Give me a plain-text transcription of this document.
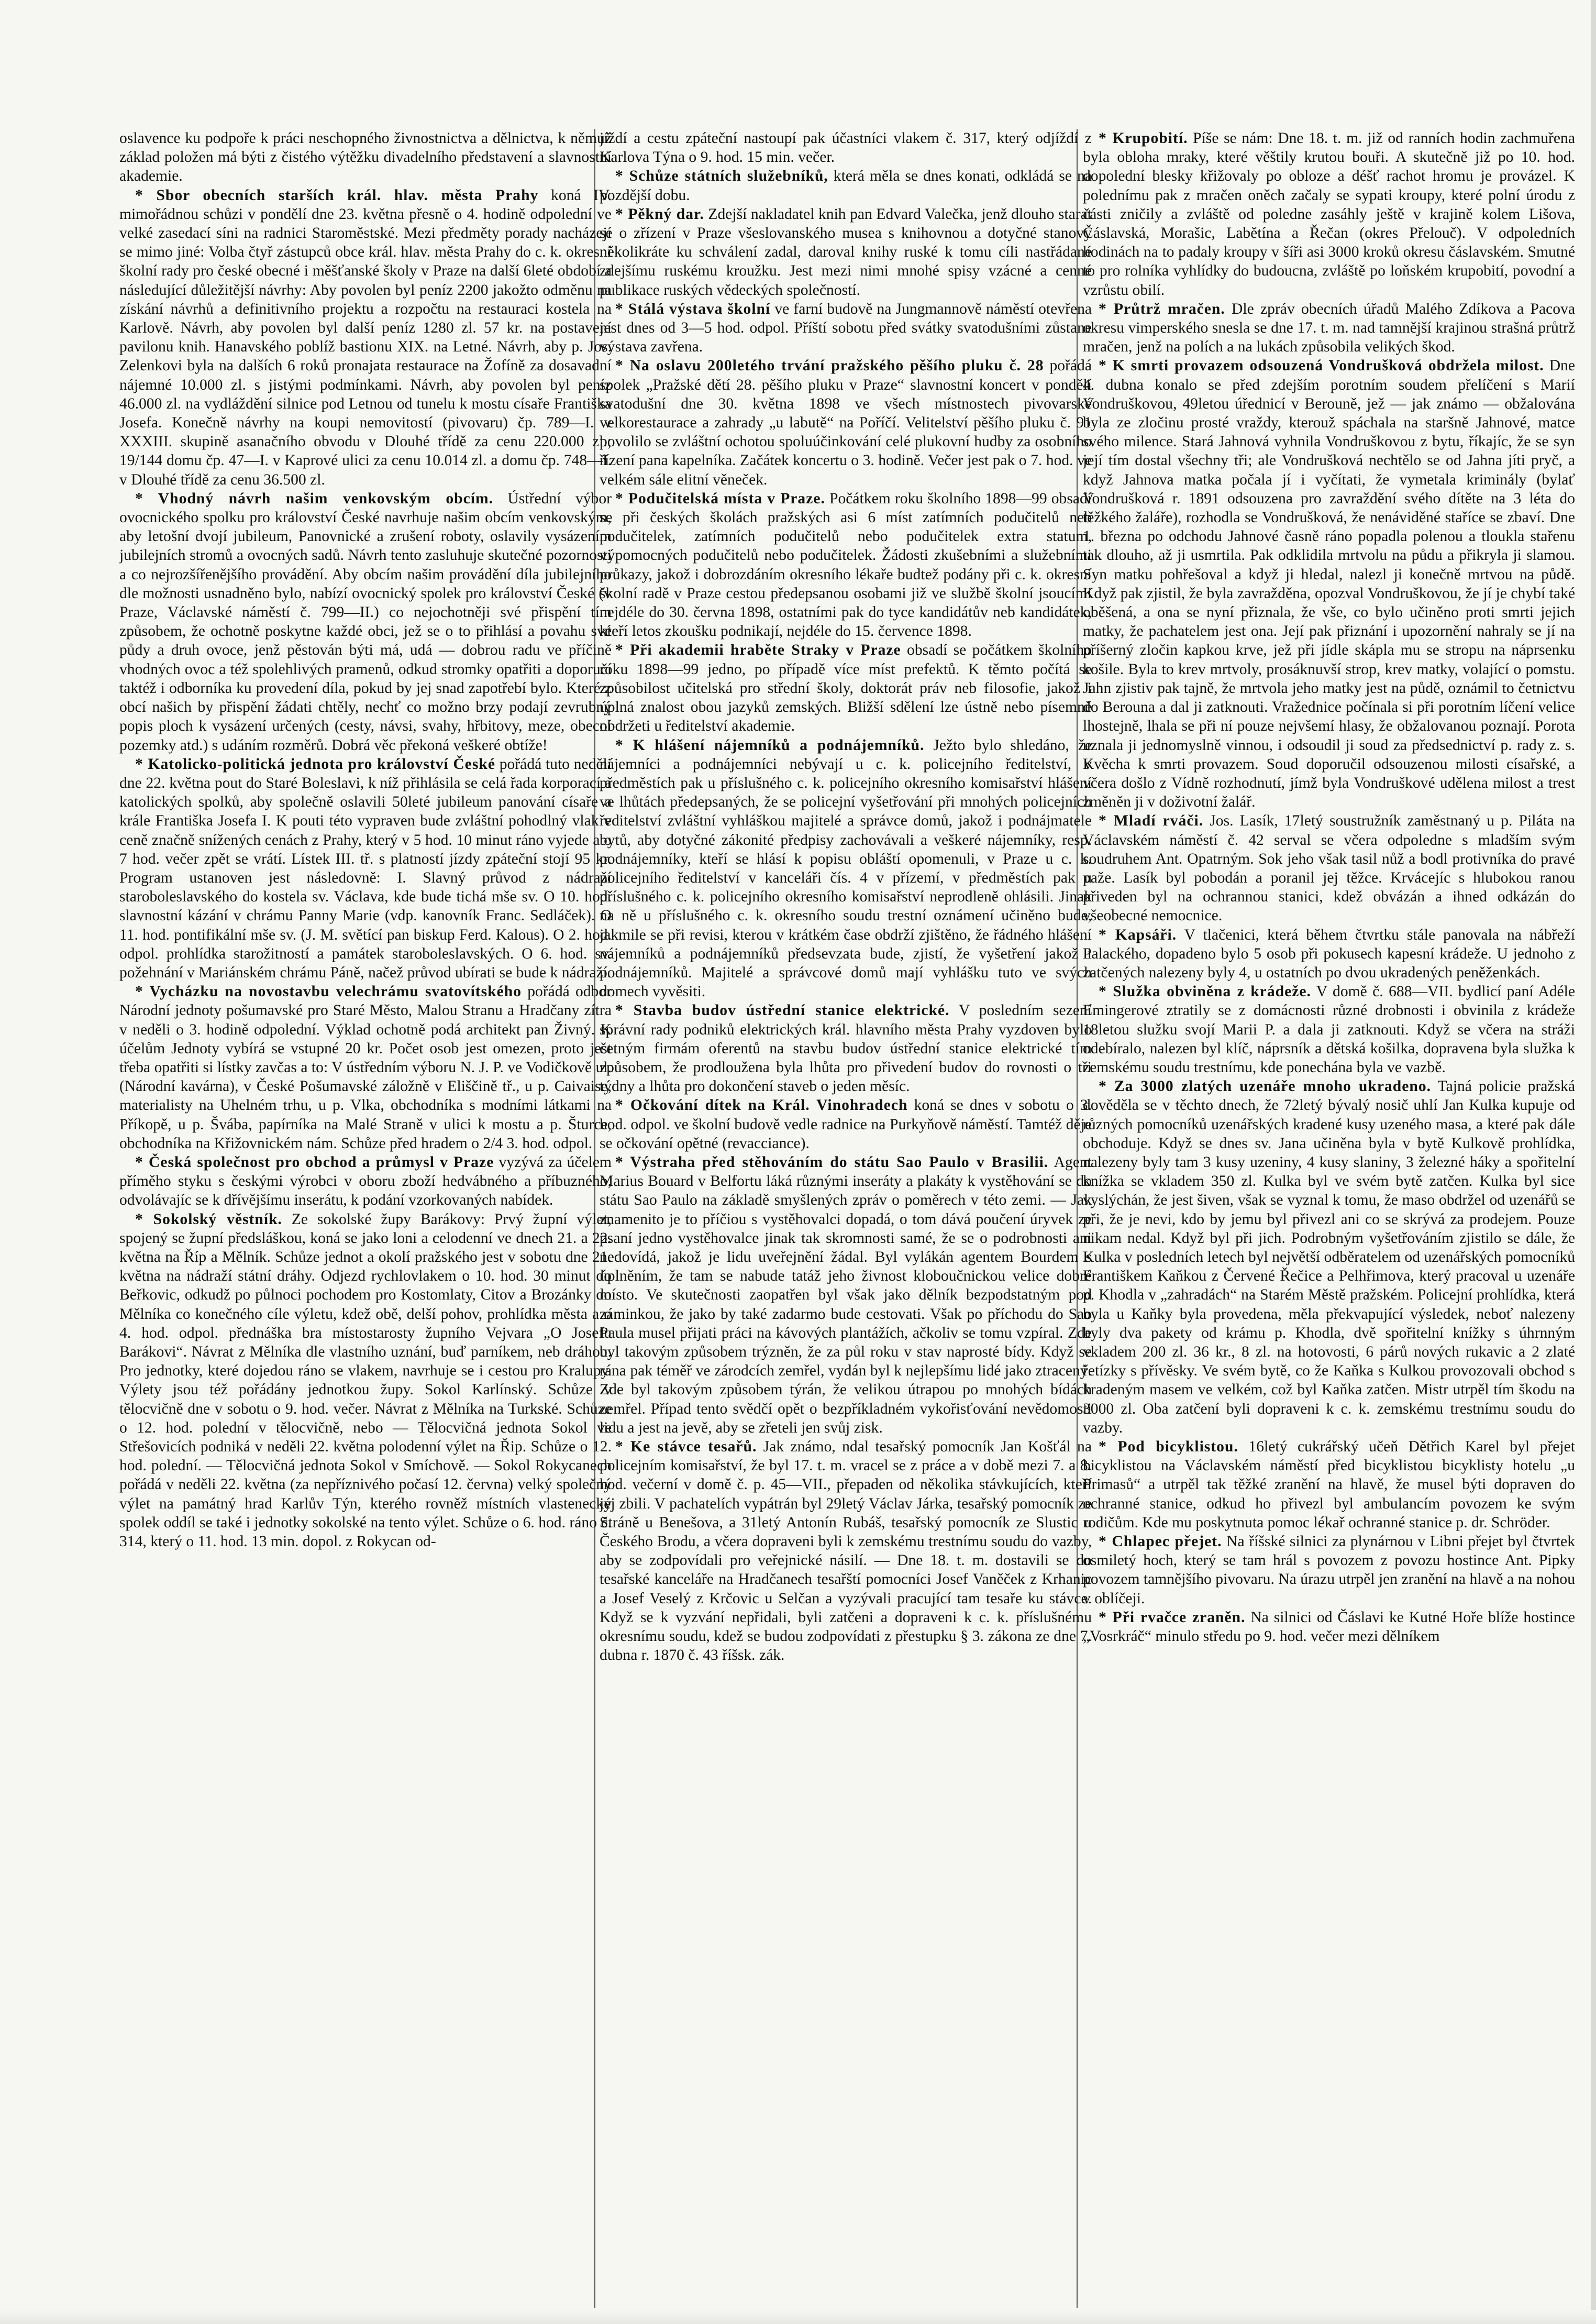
oslavence ku podpoře k práci neschopného živnostnictva a dělnictva, k němuž základ položen má býti z čistého výtěžku divadelního představení a slavnostní akademie.

* Sbor obecních starších král. hlav. města Prahy koná IV. mimořádnou schůzi v pondělí dne 23. května přesně o 4. hodině odpolední ve velké zasedací síni na radnici Staroměstské. Mezi předměty porady nacházejí se mimo jiné: Volba čtyř zástupců obce král. hlav. města Prahy do c. k. okresní školní rady pro české obecné i měšťanské školy v Praze na další 6leté období a následující důležitější návrhy: Aby povolen byl peníz 2200 jakožto odměnu na získání návrhů a definitivního projektu a rozpočtu na restauraci kostela na Karlově. Návrh, aby povolen byl další peníz 1280 zl. 57 kr. na postavení pavilonu knih. Hanavského poblíž bastionu XIX. na Letné. Návrh, aby p. Jos. Zelenkovi byla na dalších 6 roků pronajata restaurace na Žofíně za dosavadní nájemné 10.000 zl. s jistými podmínkami. Návrh, aby povolen byl peníz 46.000 zl. na vydláždění silnice pod Letnou od tunelu k mostu císaře Františka Josefa. Konečně návrhy na koupi nemovitostí (pivovaru) čp. 789—I. v XXXIII. skupině asanačního obvodu v Dlouhé třídě za cenu 220.000 zl.; 19/144 domu čp. 47—I. v Kaprové ulici za cenu 10.014 zl. a domu čp. 748—I. v Dlouhé třídě za cenu 36.500 zl.

* Vhodný návrh našim venkovským obcím. Ústřední výbor ovocnického spolku pro království České navrhuje našim obcím venkovským, aby letošní dvojí jubileum, Panovnické a zrušení roboty, oslavily vysázením jubilejních stromů a ovocných sadů. Návrh tento zasluhuje skutečné pozornosti a co nejrozšířenějšího provádění. Aby obcím našim provádění díla jubilejního dle možnosti usnadněno bylo, nabízí ovocnický spolek pro království České (v Praze, Václavské náměstí č. 799—II.) co nejochotněji své přispění tím způsobem, že ochotně poskytne každé obci, jež se o to přihlásí a povahu své půdy a druh ovoce, jenž pěstován býti má, udá — dobrou radu ve příčině vhodných ovoc a též spolehlivých pramenů, odkud stromky opatřiti a doporučí taktéž i odborníka ku provedení díla, pokud by jej snad zapotřebí bylo. Které z obcí našich by přispění žádati chtěly, nechť co možno brzy podají zevrubný popis ploch k vysázení určených (cesty, návsi, svahy, hřbitovy, meze, obecní pozemky atd.) s udáním rozměrů. Dobrá věc překoná veškeré obtíže!

* Katolicko-politická jednota pro království České pořádá tuto neděli dne 22. května pout do Staré Boleslavi, k níž přihlásila se celá řada korporací a katolických spolků, aby společně oslavili 50leté jubileum panování císaře a krále Františka Josefa I. K pouti této vypraven bude zvláštní pohodlný vlak v ceně značně snížených cenách z Prahy, který v 5 hod. 10 minut ráno vyjede a o 7 hod. večer zpět se vrátí. Lístek III. tř. s platností jízdy zpáteční stojí 95 kr. Program ustanoven jest následovně: I. Slavný průvod z nádraží staroboleslavského do kostela sv. Václava, kde bude tichá mše sv. O 10. hod. slavnostní kázání v chrámu Panny Marie (vdp. kanovník Franc. Sedláček). O 11. hod. pontifikální mše sv. (J. M. světící pan biskup Ferd. Kalous). O 2. hod. odpol. prohlídka starožitností a památek staroboleslavských. O 6. hod. sv. požehnání v Mariánském chrámu Páně, načež průvod ubírati se bude k nádraží.

* Vycházku na novostavbu velechrámu svatovítského pořádá odbor Národní jednoty pošumavské pro Staré Město, Malou Stranu a Hradčany zítra v neděli o 3. hodině odpolední. Výklad ochotně podá architekt pan Živný. K účelům Jednoty vybírá se vstupné 20 kr. Počet osob jest omezen, proto jest třeba opatřiti si lístky zavčas a to: V ústředním výboru N. J. P. ve Vodičkově ul. (Národní kavárna), v České Pošumavské záložně v Eliščině tř., u p. Caivaise, materialisty na Uhelném trhu, u p. Vlka, obchodníka s modními látkami na Příkopě, u p. Švába, papírníka na Malé Straně v ulici k mostu a p. Šturce, obchodníka na Křižovnickém nám. Schůze před hradem o 2/4 3. hod. odpol.

* Česká společnost pro obchod a průmysl v Praze vyzývá za účelem příměho styku s českými výrobci v oboru zboží hedvábného a příbuzného, odvolávajíc se k dřívějšímu inserátu, k podání vzorkovaných nabídek.

* Sokolský věstník. Ze sokolské župy Barákovy: Prvý župní výlet, spojený se župní předsláškou, koná se jako loni a celodenní ve dnech 21. a 22. května na Říp a Mělník. Schůze jednot a okolí pražského jest v sobotu dne 21. května na nádraží státní dráhy. Odjezd rychlovlakem o 10. hod. 30 minut do Beřkovic, odkudž po půlnoci pochodem pro Kostomlaty, Citov a Brozánky do Mělníka co konečného cíle výletu, kdež obě, delší pohov, prohlídka města a o 4. hod. odpol. přednáška bra místostarosty župního Vejvara „O Josefu Barákovi“. Návrat z Mělníka dle vlastního uznání, buď parníkem, neb dráhou. Pro jednotky, které dojedou ráno se vlakem, navrhuje se i cestou pro Kralupy. Výlety jsou též pořádány jednotkou župy. Sokol Karlínský. Schůze v tělocvičně dne v sobotu o 9. hod. večer. Návrat z Mělníka na Turkské. Schůze o 12. hod. polední v tělocvičně, nebo — Tělocvičná jednota Sokol ve Střešovicích podniká v neděli 22. května polodenní výlet na Řip. Schůze o 12. hod. polední. — Tělocvičná jednota Sokol v Smíchově. — Sokol Rokycanech pořádá v neděli 22. května (za nepříznivého počasí 12. června) velký společný výlet na památný hrad Karlův Týn, kterého rovněž místních vlastenecký spolek oddíl se také i jednotky sokolské na tento výlet. Schůze o 6. hod. ráno č. 314, který o 11. hod. 13 min. dopol. z Rokycan od-

jíždí a cestu zpáteční nastoupí pak účastníci vlakem č. 317, který odjíždí z Karlova Týna o 9. hod. 15 min. večer.

* Schůze státních služebníků, která měla se dnes konati, odkládá se na pozdější dobu.

* Pěkný dar. Zdejší nakladatel knih pan Edvard Valečka, jenž dlouho starat se o zřízení v Praze všeslovanského musea s knihovnou a dotyčné stanovy několikráte ku schválení zadal, daroval knihy ruské k tomu cíli nastřádané zdejšímu ruskému kroužku. Jest mezi nimi mnohé spisy vzácné a cenné publikace ruských vědeckých společností.

* Stálá výstava školní ve farní budově na Jungmannově náměstí otevřena jest dnes od 3—5 hod. odpol. Příští sobotu před svátky svatodušními zůstane výstava zavřena.

* Na oslavu 200letého trvání pražského pěšího pluku č. 28 pořádá spolek „Pražské dětí 28. pěšího pluku v Praze“ slavnostní koncert v pondělí svatodušní dne 30. května 1898 ve všech místnostech pivovarské velkorestaurace a zahrady „u labutě“ na Poříčí. Velitelství pěšího pluku č. 91 povolilo se zvláštní ochotou spoluúčinkování celé plukovní hudby za osobního řízení pana kapelníka. Začátek koncertu o 3. hodině. Večer jest pak o 7. hod. ve velkém sále elitní věneček.

* Podučitelská místa v Praze. Počátkem roku školního 1898—99 obsadí se při českých školách pražských asi 6 míst zatímních podučitelů neb podučitelek, zatímních podučitelů nebo podučitelek extra statum, výpomocných podučitelů nebo podučitelek. Žádosti zkušebními a služebními průkazy, jakož i dobrozdáním okresního lékaře budtež podány při c. k. okresní školní radě v Praze cestou předepsanou osobami již ve službě školní jsoucími nejdéle do 30. června 1898, ostatními pak do tyce kandidátův neb kandidátek, kteří letos zkoušku podnikají, nejdéle do 15. července 1898.

* Při akademii hraběte Straky v Praze obsadí se počátkem školního roku 1898—99 jedno, po případě více míst prefektů. K těmto počítá se způsobilost učitelská pro střední školy, doktorát práv neb filosofie, jakož i úplná znalost obou jazyků zemských. Bližší sdělení lze ústně nebo písemně obdržeti u ředitelství akademie.

* K hlášení nájemníků a podnájemníků. Ježto bylo shledáno, že nájemníci a podnájemníci nebývají u c. k. policejního ředitelství, v předměstích pak u příslušného c. k. policejního okresního komisařství hlášení ve lhůtách předepsaných, že se policejní vyšetřování při mnohých policejních ředitelství zvláštní vyhláškou majitelé a správce domů, jakož i podnájmatele bytů, aby dotyčné zákonité předpisy zachovávali a veškeré nájemníky, resp. podnájemníky, kteří se hlásí k popisu obláští opomenuli, v Praze u c. k. policejního ředitelství v kanceláři čís. 4 v přízemí, v předměstích pak u příslušného c. k. policejního okresního komisařství neprodleně ohlásili. Jinak na ně u příslušného c. k. okresního soudu trestní oznámení učiněno bude, jakmile se při revisi, kterou v krátkém čase obdrží zjištěno, že řádného hlášení nájemníků a podnájemníků předsevzata bude, zjistí, že vyšetření jakož i podnájemníků. Majitelé a správcové domů mají vyhlášku tuto ve svých domech vyvěsiti.

* Stavba budov ústřední stanice elektrické. V posledním sezení správní rady podniků elektrických král. hlavního města Prahy vyzdoven bylo četným firmám oferentů na stavbu budov ústřední stanice elektrické tím způsobem, že prodloužena byla lhůta pro přivedení budov do rovnosti o tři týdny a lhůta pro dokončení staveb o jeden měsíc.

* Očkování dítek na Král. Vinohradech koná se dnes v sobotu o 3. hod. odpol. ve školní budově vedle radnice na Purkyňově náměstí. Tamtéž děje se očkování opětné (revacciance).

* Výstraha před stěhováním do státu Sao Paulo v Brasilii. Agent Marius Bouard v Belfortu láká různými inseráty a plakáty k vystěhování se do státu Sao Paulo na základě smyšlených zpráv o poměrech v této zemi. — Jak znamenito je to příčiou s vystěhovalci dopadá, o tom dává poučení úryvek ze psaní jedno vystěhovalce jinak tak skromnosti samé, že se o podrobnosti ani nedovídá, jakož je lidu uveřejnění žádal. Byl vylákán agentem Bourdem s úplněním, že tam se nabude tatáž jeho živnost kloboučnickou velice dobré místo. Ve skutečnosti zaopatřen byl však jako dělník bezpodstatným pod záminkou, že jako by také zadarmo bude cestovati. Však po příchodu do Sao Paula musel přijati práci na kávových plantážích, ačkoliv se tomu vzpíral. Zde byl takovým způsobem trýzněn, že za půl roku v stav naprosté bídy. Když se rána pak téměř ve zárodcích zemřel, vydán byl k nejlepšímu lidé jako ztracený. Zde byl takovým způsobem týrán, že velikou útrapou po mnohých bídách zemřel. Případ tento svědčí opět o bezpříkladném vykořisťování nevědomosti lidu a jest na jevě, aby se zřeteli jen svůj zisk.

* Ke stávce tesařů. Jak známo, ndal tesařský pomocník Jan Košťál na policejním komisařství, že byl 17. t. m. vracel se z práce a v době mezi 7. a 8. hod. večerní v domě č. p. 45—VII., přepaden od několika stávkujících, kteří jej zbili. V pachatelích vypátrán byl 29letý Václav Járka, tesařský pomocník ze Stráně u Benešova, a 31letý Antonín Rubáš, tesařský pomocník ze Slustic u Českého Brodu, a včera dopraveni byli k zemskému trestnímu soudu do vazby, aby se zodpovídali pro veřejnické násilí. — Dne 18. t. m. dostavili se do tesařské kanceláře na Hradčanech tesařští pomocníci Josef Vaněček z Krhanic a Josef Veselý z Krčovic u Selčan a vyzývali pracující tam tesaře ku stávce. Když se k vyzvání nepřidali, byli zatčeni a dopraveni k c. k. příslušnému okresnímu soudu, kdež se budou zodpovídati z přestupku § 3. zákona ze dne 7. dubna r. 1870 č. 43 říšsk. zák.

* Krupobití. Píše se nám: Dne 18. t. m. již od ranních hodin zachmuřena byla obloha mraky, které věštily krutou bouři. A skutečně již po 10. hod. dopolední blesky křižovaly po obloze a déšť rachot hromu je provázel. K polednímu pak z mračen oněch začaly se sypati kroupy, které polní úrodu z části zničily a zvláště od poledne zasáhly ještě v krajině kolem Lišova, Čáslavská, Morašic, Labětína a Řečan (okres Přelouč). V odpoledních hodinách na to padaly kroupy v šíři asi 3000 kroků okresu čáslavském. Smutné to pro rolníka vyhlídky do budoucna, zvláště po loňském krupobití, povodní a vzrůstu obilí.

* Průtrž mračen. Dle zpráv obecních úřadů Malého Zdíkova a Pacova okresu vimperského snesla se dne 17. t. m. nad tamnější krajinou strašná průtrž mračen, jenž na polích a na lukách způsobila velikých škod.

* K smrti provazem odsouzená Vondrušková obdržela milost. Dne 4. dubna konalo se před zdejším porotním soudem přelíčení s Marií Vondruškovou, 49letou úřednicí v Berouně, jež — jak známo — obžalována byla ze zločinu prosté vraždy, kterouž spáchala na staršně Jahnové, matce svého milence. Stará Jahnová vyhnila Vondruškovou z bytu, říkajíc, že se syn její tím dostal všechny tři; ale Vondrušková nechtělo se od Jahna jíti pryč, a když Jahnova matka počala jí i vyčítati, že vymetala kriminály (bylať Vondrušková r. 1891 odsouzena pro zavraždění svého dítěte na 3 léta do těžkého žaláře), rozhodla se Vondrušková, že nenáviděné staříce se zbaví. Dne 1. března po odchodu Jahnové časně ráno popadla polenou a tloukla stařenu tak dlouho, až ji usmrtila. Pak odklidila mrtvolu na půdu a přikryla ji slamou. Syn matku pohřešoval a když ji hledal, nalezl ji konečně mrtvou na půdě. Když pak zjistil, že byla zavražděna, opozval Vondruškovou, že jí je chybí také oběšená, a ona se nyní přiznala, že vše, co bylo učiněno proti smrti jejich matky, že pachatelem jest ona. Její pak přiznání i upozornění nahraly se jí na příšerný zločin kapkou krve, jež při jídle skápla mu se stropu na náprsenku košile. Byla to krev mrtvoly, prosáknuvší strop, krev matky, volající o pomstu. Jahn zjistiv pak tajně, že mrtvola jeho matky jest na půdě, oznámil to četnictvu do Berouna a dal ji zatknouti. Vražednice počínala si při porotním líčení velice lhostejně, lhala se při ní pouze nejvšemí hlasy, že obžalovanou poznají. Porota uznala ji jednomyslně vinnou, i odsoudil ji soud za předsednictví p. rady z. s. Kvěcha k smrti provazem. Soud doporučil odsouzenou milosti císařské, a včera došlo z Vídně rozhodnutí, jímž byla Vondruškové udělena milost a trest změněn ji v doživotní žalář.

* Mladí rváči. Jos. Lasík, 17letý soustružník zaměstnaný u p. Piláta na Václavském náměstí č. 42 serval se včera odpoledne s mladším svým soudruhem Ant. Opatrným. Sok jeho však tasil nůž a bodl protivníka do pravé paže. Lasík byl pobodán a poranil jej těžce. Krvácejíc s hlubokou ranou přiveden byl na ochrannou stanici, kdež obvázán a ihned odkázán do všeobecné nemocnice.

* Kapsáři. V tlačenici, která během čtvrtku stále panovala na nábřeží Palackého, dopadeno bylo 5 osob při pokusech kapesní krádeže. U jednoho z zatčených nalezeny byly 4, u ostatních po dvou ukradených peněženkách.

* Služka obviněna z krádeže. V domě č. 688—VII. bydlicí paní Adéle Emingerové ztratily se z domácnosti různé drobnosti i obvinila z krádeže 18letou služku svojí Marii P. a dala ji zatknouti. Když se včera na stráži odebíralo, nalezen byl klíč, náprsník a dětská košilka, dopravena byla služka k zemskému soudu trestnímu, kde ponechána byla ve vazbě.

* Za 3000 zlatých uzenáře mnoho ukradeno. Tajná policie pražská dověděla se v těchto dnech, že 72letý bývalý nosič uhlí Jan Kulka kupuje od různých pomocníků uzenářských kradené kusy uzeného masa, a které pak dále obchoduje. Když se dnes sv. Jana učiněna byla v bytě Kulkově prohlídka, nalezeny byly tam 3 kusy uzeniny, 4 kusy slaniny, 3 železné háky a spořitelní knížka se vkladem 350 zl. Kulka byl ve svém bytě zatčen. Kulka byl sice vyslýchán, že jest šiven, však se vyznal k tomu, že maso obdržel od uzenářů se při, že je nevi, kdo by jemu byl přivezl ani co se skrývá za prodejem. Pouze nikam nedal. Když byl při jich. Podrobným vyšetřováním zjistilo se dále, že Kulka v posledních letech byl největší odběratelem od uzenářských pomocníků Františkem Kaňkou z Červené Řečice a Pelhřimova, který pracoval u uzenáře p. Khodla v „zahradách“ na Starém Městě pražském. Policejní prohlídka, která byla u Kaňky byla provedena, měla překvapující výsledek, neboť nalezeny byly dva pakety od krámu p. Khodla, dvě spořitelní knížky s úhrnným vkladem 200 zl. 36 kr., 8 zl. na hotovosti, 6 párů nových rukavic a 2 zlaté řetízky s přívěsky. Ve svém bytě, co že Kaňka s Kulkou provozovali obchod s kradeným masem ve velkém, což byl Kaňka zatčen. Mistr utrpěl tím škodu na 3000 zl. Oba zatčení byli dopraveni k c. k. zemskému trestnímu soudu do vazby.

* Pod bicyklistou. 16letý cukrářský učeň Dětřich Karel byl přejet bicyklistou na Václavském náměstí před bicyklistou bicyklisty hotelu „u Primasů“ a utrpěl tak těžké zranění na hlavě, že musel býti dopraven do ochranné stanice, odkud ho přivezl byl ambulancím povozem ke svým rodičům. Kde mu poskytnuta pomoc lékař ochranné stanice p. dr. Schröder.

* Chlapec přejet. Na říšské silnici za plynárnou v Libni přejet byl čtvrtek osmiletý hoch, který se tam hrál s povozem z povozu hostince Ant. Pipky povozem tamnějšího pivovaru. Na úrazu utrpěl jen zranění na hlavě a na nohou v oblíčeji.

* Při rvačce zraněn. Na silnici od Čáslavi ke Kutné Hoře blíže hostince „Vosrkráč“ minulo středu po 9. hod. večer mezi dělníkem
